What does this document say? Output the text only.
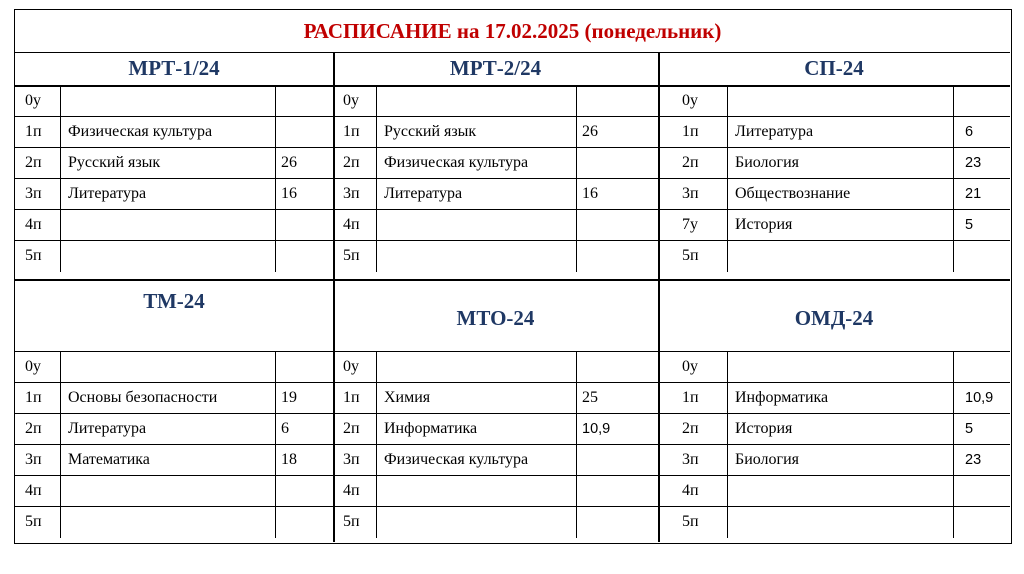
РАСПИСАНИЕ на 17.02.2025 (понедельник)
МРТ-1/24
0у
1п Физическая культура
2п Русский язык	26
3п Литература	16
4п
5п
МРТ-2/24
0у
1п Русский язык	26
2п Физическая культура
3п Литература	16
4п
5п
СП-24
0у
1п Литература	6
2п Биология	23
3п Обществознание	21
7у История	5
5п
ТМ-24
0у
1п Основы безопасности	19
2п Литература	6
3п Математика	18
4п
5п
МТО-24
0у
1п Химия	25
2п Информатика	10,9
3п Физическая культура
4п
5п
ОМД-24
0у
1п Информатика	10,9
2п История	5
3п Биология	23
4п
5п
